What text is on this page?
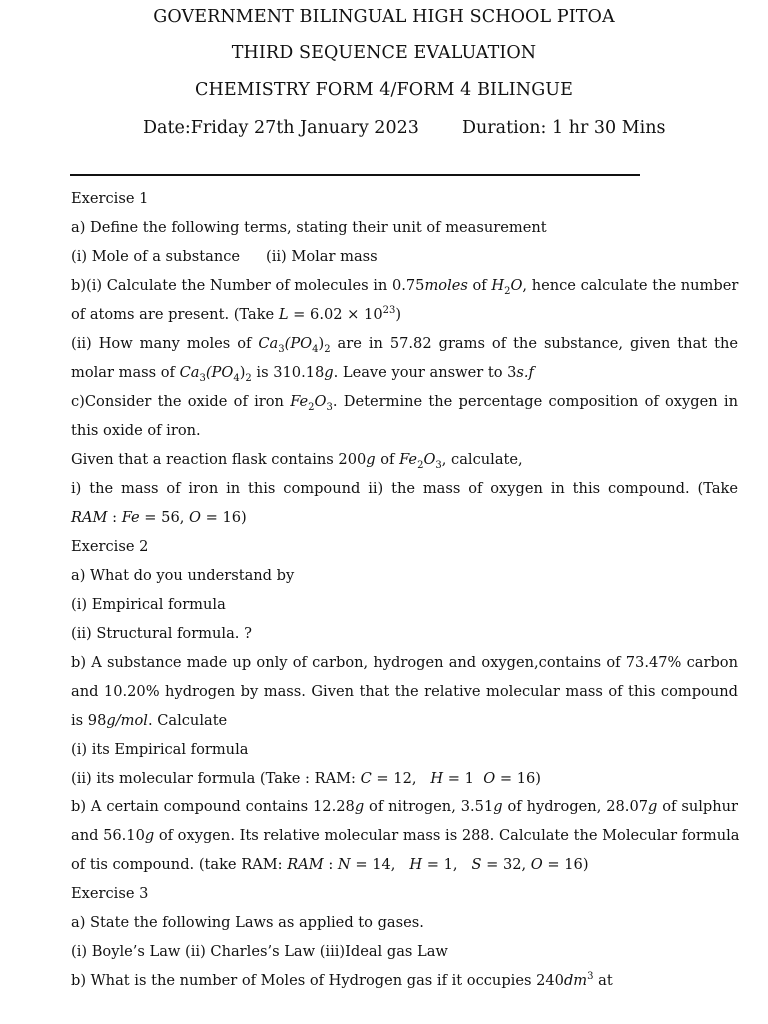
GOVERNMENT BILINGUAL HIGH SCHOOL PITOA
THIRD SEQUENCE EVALUATION
CHEMISTRY FORM 4/FORM 4 BILINGUE
Date:Friday 27th January 2023 Duration: 1 hr 30 Mins
Exercise 1
a) Define the following terms, stating their unit of measurement
(i) Mole of a substance (ii) Molar mass
b)(i) Calculate the Number of molecules in 0.75moles of $H_2O$, hence calculate the number
of atoms are present. (Take $L = 6.02 \times 10^{23}$)
(ii) How many moles of $Ca_3(PO_4)_2$ are in 57.82 grams of the substance, given that the
molar mass of $Ca_3(PO_4)_2$ is 310.18g. Leave your answer to 3s.f
c)Consider the oxide of iron $Fe_2O_3$. Determine the percentage composition of oxygen in
this oxide of iron.
Given that a reaction flask contains 200g of $Fe_2O_3$, calculate,
i) the mass of iron in this compound ii) the mass of oxygen in this compound. (Take
RAM : Fe = 56, O = 16)
Exercise 2
a) What do you understand by
(i) Empirical formula
(ii) Structural formula. ?
b) A substance made up only of carbon, hydrogen and oxygen,contains of 73.47% carbon
and 10.20% hydrogen by mass. Given that the relative molecular mass of this compound
is 98g/mol. Calculate
(i) its Empirical formula
(ii) its molecular formula (Take : RAM: C = 12, H = 1 O = 16)
b) A certain compound contains 12.28g of nitrogen, 3.51g of hydrogen, 28.07g of sulphur
and 56.10g of oxygen. Its relative molecular mass is 288. Calculate the Molecular formula
of tis compound. (take RAM: RAM : N = 14, H = 1, S = 32, O = 16)
Exercise 3
a) State the following Laws as applied to gases.
(i) Boyle’s Law (ii) Charles’s Law (iii)Ideal gas Law
b) What is the number of Moles of Hydrogen gas if it occupies $240dm^3$ at
